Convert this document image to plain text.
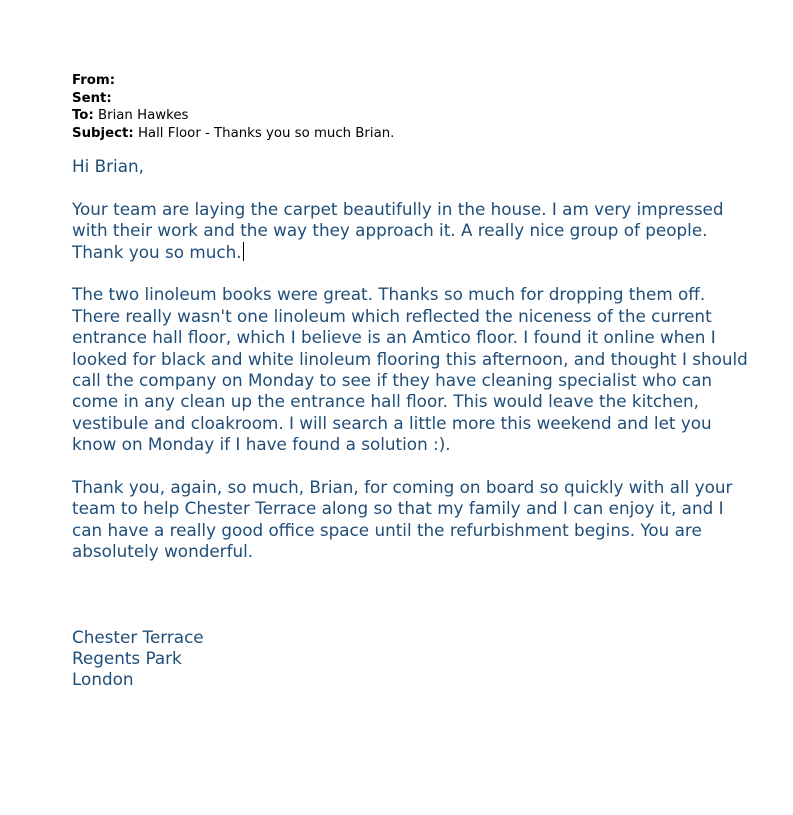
From:
Sent:
To: Brian Hawkes
Subject: Hall Floor - Thanks you so much Brian.

Hi Brian,

Your team are laying the carpet beautifully in the house. I am very impressed with their work and the way they approach it. A really nice group of people. Thank you so much.

The two linoleum books were great. Thanks so much for dropping them off. There really wasn't one linoleum which reflected the niceness of the current entrance hall floor, which I believe is an Amtico floor. I found it online when I looked for black and white linoleum flooring this afternoon, and thought I should call the company on Monday to see if they have cleaning specialist who can come in any clean up the entrance hall floor. This would leave the kitchen, vestibule and cloakroom. I will search a little more this weekend and let you know on Monday if I have found a solution :).

Thank you, again, so much, Brian, for coming on board so quickly with all your team to help Chester Terrace along so that my family and I can enjoy it, and I can have a really good office space until the refurbishment begins. You are absolutely wonderful.

Chester Terrace
Regents Park
London
